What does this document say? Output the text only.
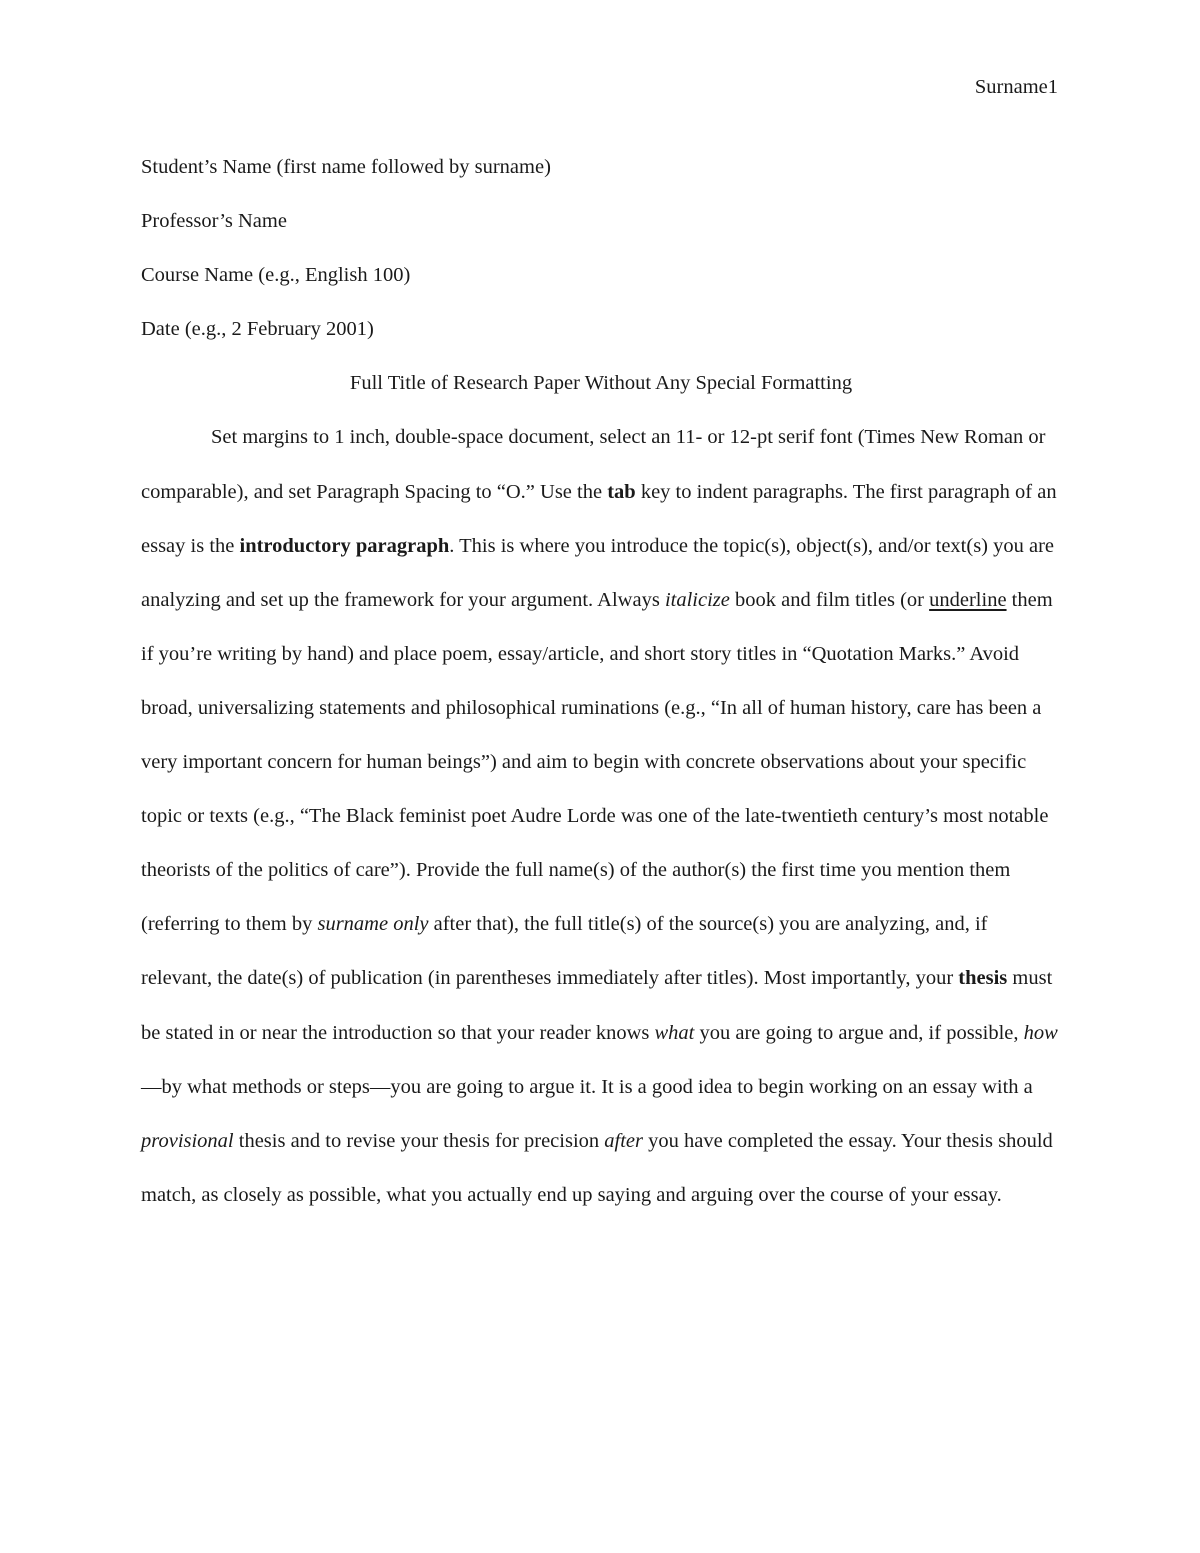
Surname1

Student’s Name (first name followed by surname)

Professor’s Name

Course Name (e.g., English 100)

Date (e.g., 2 February 2001)

Full Title of Research Paper Without Any Special Formatting

Set margins to 1 inch, double-space document, select an 11- or 12-pt serif font (Times New Roman or comparable), and set Paragraph Spacing to “O.” Use the tab key to indent paragraphs. The first paragraph of an essay is the introductory paragraph. This is where you introduce the topic(s), object(s), and/or text(s) you are analyzing and set up the framework for your argument. Always italicize book and film titles (or underline them if you’re writing by hand) and place poem, essay/article, and short story titles in “Quotation Marks.” Avoid broad, universalizing statements and philosophical ruminations (e.g., “In all of human history, care has been a very important concern for human beings”) and aim to begin with concrete observations about your specific topic or texts (e.g., “The Black feminist poet Audre Lorde was one of the late-twentieth century’s most notable theorists of the politics of care”). Provide the full name(s) of the author(s) the first time you mention them (referring to them by surname only after that), the full title(s) of the source(s) you are analyzing, and, if relevant, the date(s) of publication (in parentheses immediately after titles). Most importantly, your thesis must be stated in or near the introduction so that your reader knows what you are going to argue and, if possible, how—by what methods or steps—you are going to argue it. It is a good idea to begin working on an essay with a provisional thesis and to revise your thesis for precision after you have completed the essay. Your thesis should match, as closely as possible, what you actually end up saying and arguing over the course of your essay.
